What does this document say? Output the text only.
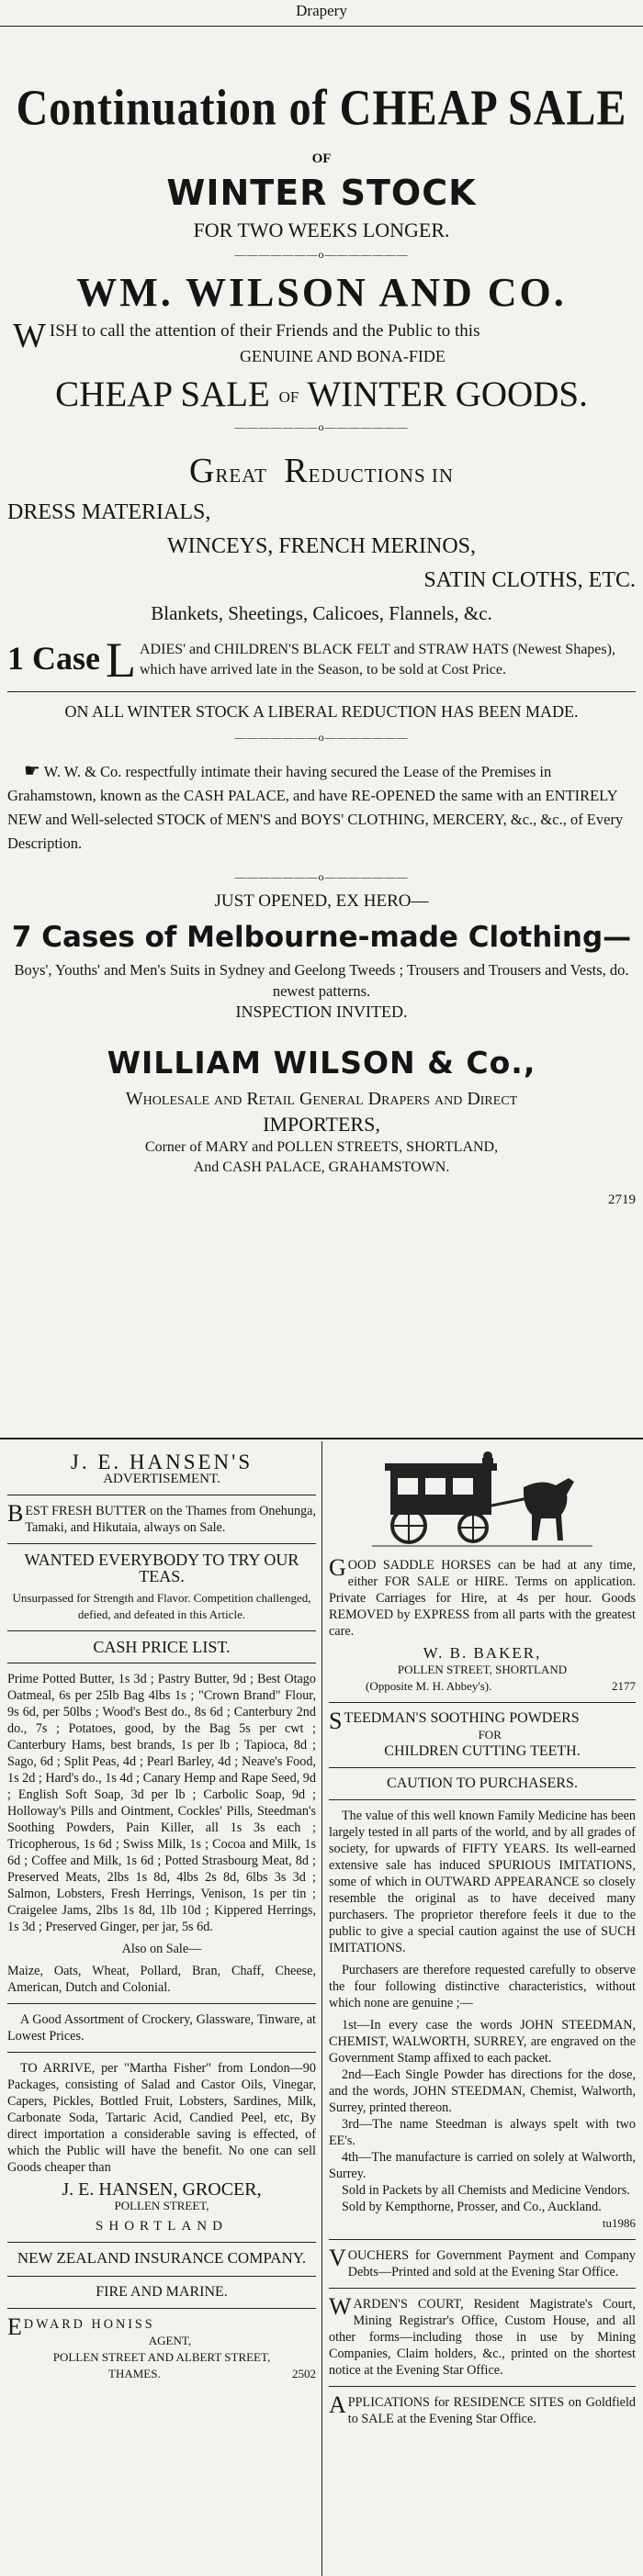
Drapery
Continuation of CHEAP SALE
OF
WINTER STOCK
FOR TWO WEEKS LONGER.
———————o———————
WM. WILSON AND CO.
W ISH to call the attention of their Friends and the Public to this
GENUINE AND BONA-FIDE
CHEAP SALE OF WINTER GOODS.
———————o———————
GREAT REDUCTIONS IN
DRESS MATERIALS,
WINCEYS, FRENCH MERINOS,
SATIN CLOTHS, ETC.
Blankets, Sheetings, Calicoes, Flannels, &c.
1 Case L ADIES' and CHILDREN'S BLACK FELT and STRAW HATS (Newest Shapes), which have arrived late in the Season, to be sold at Cost Price.
ON ALL WINTER STOCK A LIBERAL REDUCTION HAS BEEN MADE.
———————o———————
☛ W. W. & Co. respectfully intimate their having secured the Lease of the Premises in Grahamstown, known as the CASH PALACE, and have RE-OPENED the same with an ENTIRELY NEW and Well-selected STOCK of MEN'S and BOYS' CLOTHING, MERCERY, &c., &c., of Every Description.
———————o———————
JUST OPENED, EX HERO—
7 Cases of Melbourne-made Clothing—
Boys', Youths' and Men's Suits in Sydney and Geelong Tweeds ; Trousers and Trousers and Vests, do. newest patterns.
INSPECTION INVITED.
WILLIAM WILSON & Co.,
Wholesale and Retail General Drapers and Direct
IMPORTERS,
Corner of MARY and POLLEN STREETS, SHORTLAND,
And CASH PALACE, GRAHAMSTOWN.
2719
J. E. HANSEN'S
ADVERTISEMENT.
B EST FRESH BUTTER on the Thames from Onehunga, Tamaki, and Hikutaia, always on Sale.
WANTED EVERYBODY TO TRY OUR TEAS.
Unsurpassed for Strength and Flavor. Competition challenged, defied, and defeated in this Article.
CASH PRICE LIST.
Prime Potted Butter, 1s 3d ; Pastry Butter, 9d ; Best Otago Oatmeal, 6s per 25lb Bag 4lbs 1s ; "Crown Brand" Flour, 9s 6d, per 50lbs ; Wood's Best do., 8s 6d ; Canterbury 2nd do., 7s ; Potatoes, good, by the Bag 5s per cwt ; Canterbury Hams, best brands, 1s per lb ; Tapioca, 8d ; Sago, 6d ; Split Peas, 4d ; Pearl Barley, 4d ; Neave's Food, 1s 2d ; Hard's do., 1s 4d ; Canary Hemp and Rape Seed, 9d ; English Soft Soap, 3d per lb ; Carbolic Soap, 9d ; Holloway's Pills and Ointment, Cockles' Pills, Steedman's Soothing Powders, Pain Killer, all 1s 3s each ; Tricopherous, 1s 6d ; Swiss Milk, 1s ; Cocoa and Milk, 1s 6d ; Coffee and Milk, 1s 6d ; Potted Strasbourg Meat, 8d ; Preserved Meats, 2lbs 1s 8d, 4lbs 2s 8d, 6lbs 3s 3d ; Salmon, Lobsters, Fresh Herrings, Venison, 1s per tin ; Craigelee Jams, 2lbs 1s 8d, 1lb 10d ; Kippered Herrings, 1s 3d ; Preserved Ginger, per jar, 5s 6d.
Also on Sale—
Maize, Oats, Wheat, Pollard, Bran, Chaff, Cheese, American, Dutch and Colonial.
A Good Assortment of Crockery, Glassware, Tinware, at Lowest Prices.
TO ARRIVE, per "Martha Fisher" from London—90 Packages, consisting of Salad and Castor Oils, Vinegar, Capers, Pickles, Bottled Fruit, Lobsters, Sardines, Milk, Carbonate Soda, Tartaric Acid, Candied Peel, etc, By direct importation a considerable saving is effected, of which the Public will have the benefit. No one can sell Goods cheaper than
J. E. HANSEN, GROCER,
POLLEN STREET,
SHORTLAND
NEW ZEALAND INSURANCE COMPANY.
FIRE AND MARINE.
E DWARD HONISS
AGENT,
POLLEN STREET AND ALBERT STREET,
THAMES.	2502
G OOD SADDLE HORSES can be had at any time, either FOR SALE or HIRE. Terms on application. Private Carriages for Hire, at 4s per hour. Goods REMOVED by EXPRESS from all parts with the greatest care.
W. B. BAKER,
POLLEN STREET, SHORTLAND
(Opposite M. H. Abbey's).	2177
S TEEDMAN'S SOOTHING POWDERS
FOR
CHILDREN CUTTING TEETH.
CAUTION TO PURCHASERS.
The value of this well known Family Medicine has been largely tested in all parts of the world, and by all grades of society, for upwards of FIFTY YEARS. Its well-earned extensive sale has induced SPURIOUS IMITATIONS, some of which in OUTWARD APPEARANCE so closely resemble the original as to have deceived many purchasers. The proprietor therefore feels it due to the public to give a special caution against the use of SUCH IMITATIONS.
Purchasers are therefore requested carefully to observe the four following distinctive characteristics, without which none are genuine ;—
1st—In every case the words JOHN STEEDMAN, CHEMIST, WALWORTH, SURREY, are engraved on the Government Stamp affixed to each packet.
2nd—Each Single Powder has directions for the dose, and the words, JOHN STEEDMAN, Chemist, Walworth, Surrey, printed thereon.
3rd—The name Steedman is always spelt with two EE's.
4th—The manufacture is carried on solely at Walworth, Surrey.
Sold in Packets by all Chemists and Medicine Vendors.
Sold by Kempthorne, Prosser, and Co., Auckland.
tu1986
V OUCHERS for Government Payment and Company Debts—Printed and sold at the Evening Star Office.
W ARDEN'S COURT, Resident Magistrate's Court, Mining Registrar's Office, Custom House, and all other forms—including those in use by Mining Companies, Claim holders, &c., printed on the shortest notice at the Evening Star Office.
A PPLICATIONS for RESIDENCE SITES on Goldfield to SALE at the Evening Star Office.
